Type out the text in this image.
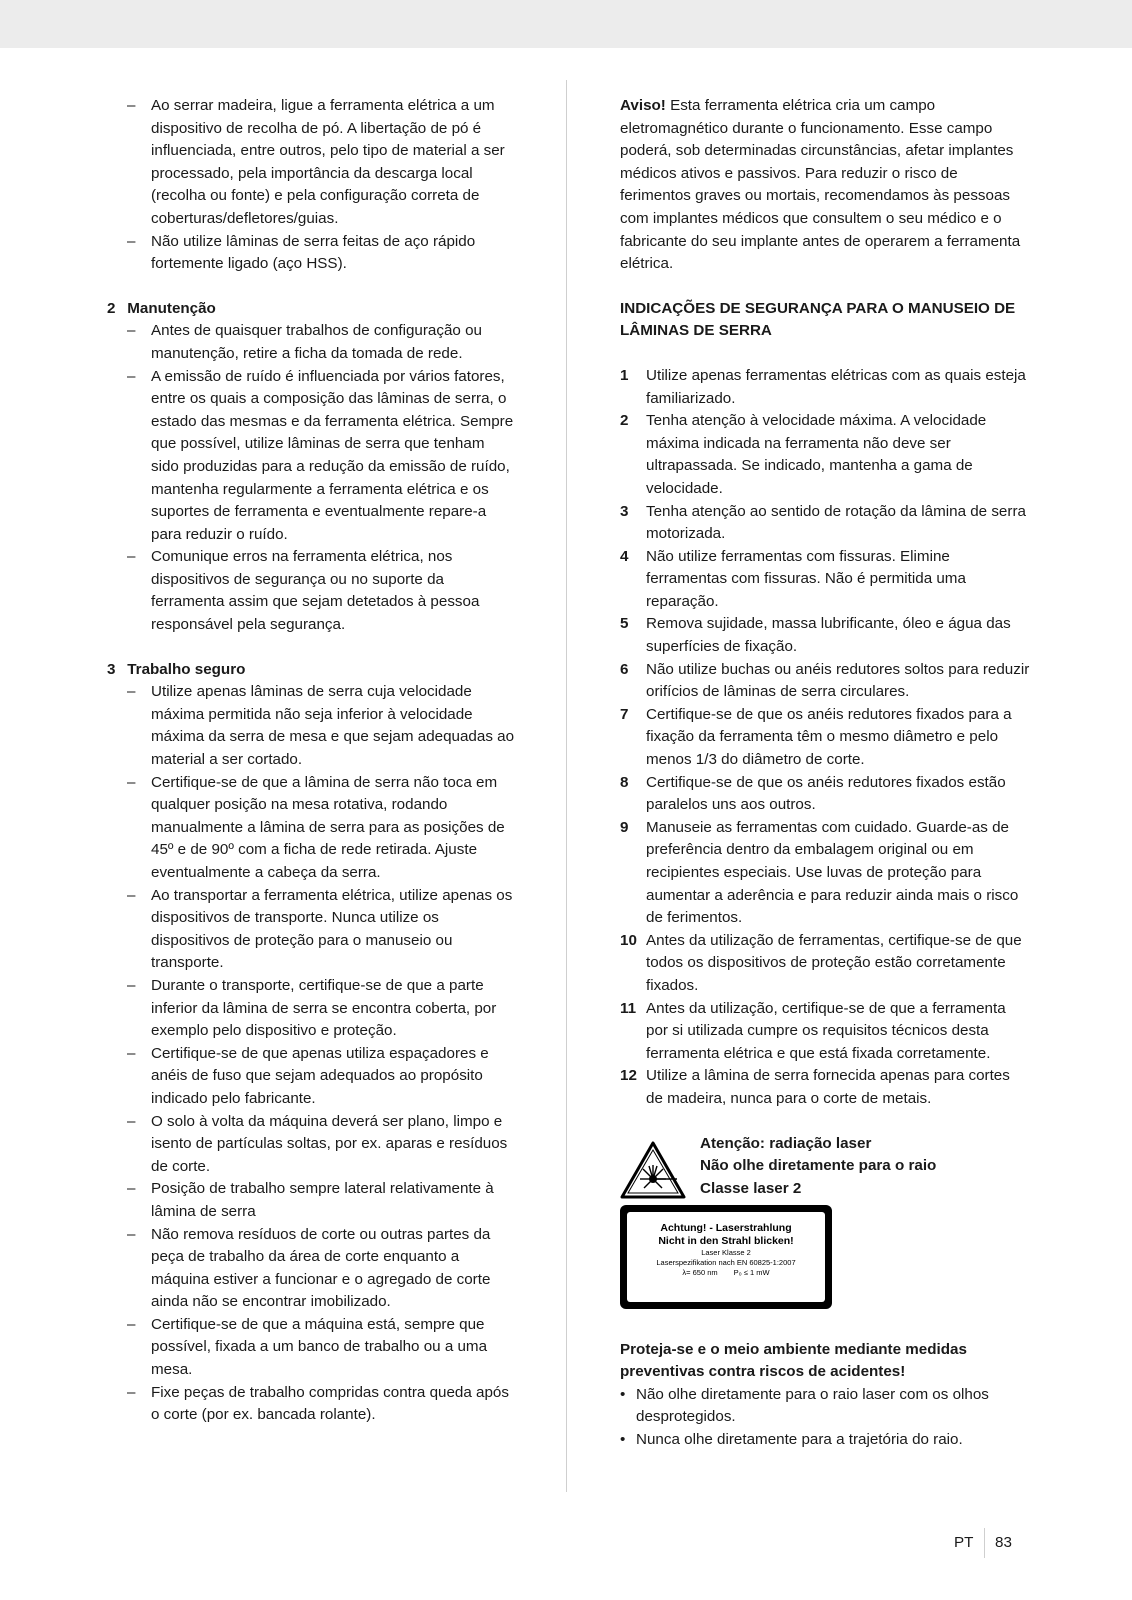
– Ao serrar madeira, ligue a ferramenta elétrica a um dispositivo de recolha de pó. A libertação de pó é influenciada, entre outros, pelo tipo de material a ser processado, pela importância da descarga local (recolha ou fonte) e pela configuração correta de coberturas/defletores/guias.
– Não utilize lâminas de serra feitas de aço rápido fortemente ligado (aço HSS).
2 Manutenção
– Antes de quaisquer trabalhos de configuração ou manutenção, retire a ficha da tomada de rede.
– A emissão de ruído é influenciada por vários fatores, entre os quais a composição das lâminas de serra, o estado das mesmas e da ferramenta elétrica. Sempre que possível, utilize lâminas de serra que tenham sido produzidas para a redução da emissão de ruído, mantenha regularmente a ferramenta elétrica e os suportes de ferramenta e eventualmente repare-a para reduzir o ruído.
– Comunique erros na ferramenta elétrica, nos dispositivos de segurança ou no suporte da ferramenta assim que sejam detetados à pessoa responsável pela segurança.
3 Trabalho seguro
– Utilize apenas lâminas de serra cuja velocidade máxima permitida não seja inferior à velocidade máxima da serra de mesa e que sejam adequadas ao material a ser cortado.
– Certifique-se de que a lâmina de serra não toca em qualquer posição na mesa rotativa, rodando manualmente a lâmina de serra para as posições de 45º e de 90º com a ficha de rede retirada. Ajuste eventualmente a cabeça da serra.
– Ao transportar a ferramenta elétrica, utilize apenas os dispositivos de transporte. Nunca utilize os dispositivos de proteção para o manuseio ou transporte.
– Durante o transporte, certifique-se de que a parte inferior da lâmina de serra se encontra coberta, por exemplo pelo dispositivo e proteção.
– Certifique-se de que apenas utiliza espaçadores e anéis de fuso que sejam adequados ao propósito indicado pelo fabricante.
– O solo à volta da máquina deverá ser plano, limpo e isento de partículas soltas, por ex. aparas e resíduos de corte.
– Posição de trabalho sempre lateral relativamente à lâmina de serra
– Não remova resíduos de corte ou outras partes da peça de trabalho da área de corte enquanto a máquina estiver a funcionar e o agregado de corte ainda não se encontrar imobilizado.
– Certifique-se de que a máquina está, sempre que possível, fixada a um banco de trabalho ou a uma mesa.
– Fixe peças de trabalho compridas contra queda após o corte (por ex. bancada rolante).

Aviso! Esta ferramenta elétrica cria um campo eletromagnético durante o funcionamento. Esse campo poderá, sob determinadas circunstâncias, afetar implantes médicos ativos e passivos. Para reduzir o risco de ferimentos graves ou mortais, recomendamos às pessoas com implantes médicos que consultem o seu médico e o fabricante do seu implante antes de operarem a ferramenta elétrica.

INDICAÇÕES DE SEGURANÇA PARA O MANUSEIO DE LÂMINAS DE SERRA

1 Utilize apenas ferramentas elétricas com as quais esteja familiarizado.
2 Tenha atenção à velocidade máxima. A velocidade máxima indicada na ferramenta não deve ser ultrapassada. Se indicado, mantenha a gama de velocidade.
3 Tenha atenção ao sentido de rotação da lâmina de serra motorizada.
4 Não utilize ferramentas com fissuras. Elimine ferramentas com fissuras. Não é permitida uma reparação.
5 Remova sujidade, massa lubrificante, óleo e água das superfícies de fixação.
6 Não utilize buchas ou anéis redutores soltos para reduzir orifícios de lâminas de serra circulares.
7 Certifique-se de que os anéis redutores fixados para a fixação da ferramenta têm o mesmo diâmetro e pelo menos 1/3 do diâmetro de corte.
8 Certifique-se de que os anéis redutores fixados estão paralelos uns aos outros.
9 Manuseie as ferramentas com cuidado. Guarde-as de preferência dentro da embalagem original ou em recipientes especiais. Use luvas de proteção para aumentar a aderência e para reduzir ainda mais o risco de ferimentos.
10 Antes da utilização de ferramentas, certifique-se de que todos os dispositivos de proteção estão corretamente fixados.
11 Antes da utilização, certifique-se de que a ferramenta por si utilizada cumpre os requisitos técnicos desta ferramenta elétrica e que está fixada corretamente.
12 Utilize a lâmina de serra fornecida apenas para cortes de madeira, nunca para o corte de metais.
Atenção: radiação laser
Não olhe diretamente para o raio
Classe laser 2
Achtung! - Laserstrahlung
Nicht in den Strahl blicken!
Laser Klasse 2
Laserspezifikation nach EN 60825-1:2007
λ= 650 nm P₀ ≤ 1 mW

Proteja-se e o meio ambiente mediante medidas preventivas contra riscos de acidentes!

• Não olhe diretamente para o raio laser com os olhos desprotegidos.
• Nunca olhe diretamente para a trajetória do raio.
PT 83
